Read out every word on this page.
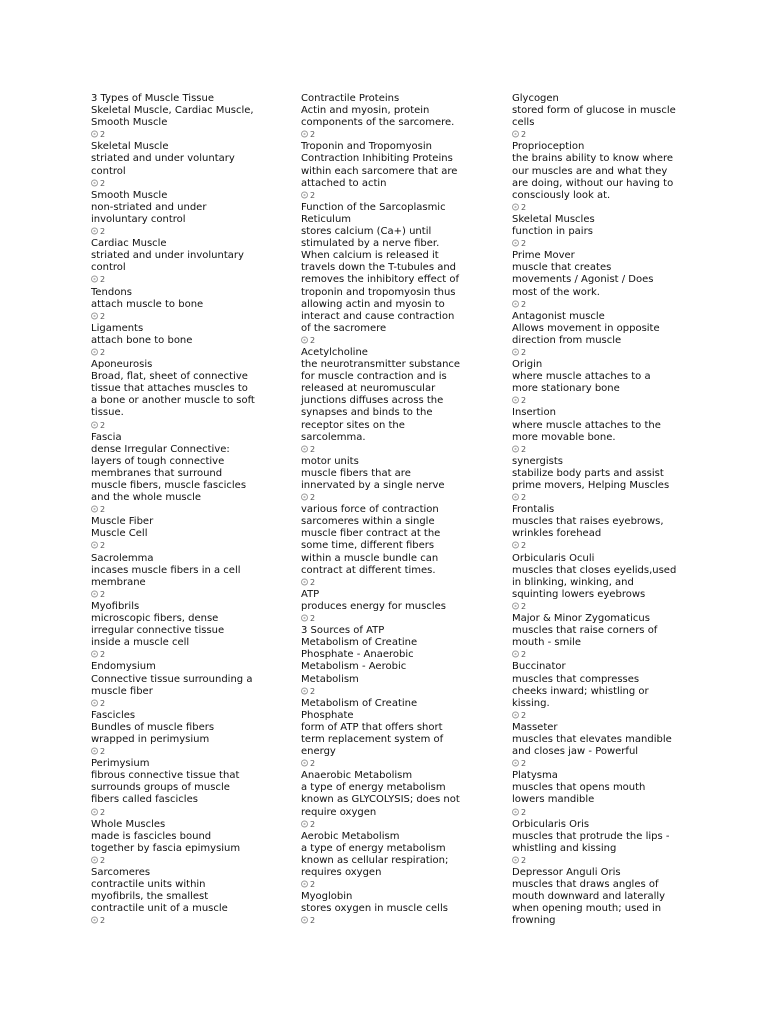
3 Types of Muscle Tissue

Skeletal Muscle, Cardiac Muscle,
Smooth Muscle

2

Skeletal Muscle

striated and under voluntary
control

2

Smooth Muscle

non-striated and under
involuntary control

2

Cardiac Muscle

striated and under involuntary
control

2

Tendons

attach muscle to bone

2

Ligaments

attach bone to bone

2

Aponeurosis

Broad, flat, sheet of connective
tissue that attaches muscles to
a bone or another muscle to soft
tissue.

2

Fascia

dense Irregular Connective:
layers of tough connective
membranes that surround
muscle fibers, muscle fascicles
and the whole muscle

2

Muscle Fiber

Muscle Cell

2

Sacrolemma

incases muscle fibers in a cell
membrane

2

Myofibrils

microscopic fibers, dense
irregular connective tissue
inside a muscle cell

2

Endomysium

Connective tissue surrounding a
muscle fiber

2

Fascicles

Bundles of muscle fibers
wrapped in perimysium

2

Perimysium

fibrous connective tissue that
surrounds groups of muscle
fibers called fascicles

2

Whole Muscles

made is fascicles bound
together by fascia epimysium

2

Sarcomeres

contractile units within
myofibrils, the smallest
contractile unit of a muscle

2

Contractile Proteins

Actin and myosin, protein
components of the sarcomere.

2

Troponin and Tropomyosin

Contraction Inhibiting Proteins
within each sarcomere that are
attached to actin

2

Function of the Sarcoplasmic
Reticulum

stores calcium (Ca+) until
stimulated by a nerve fiber.
When calcium is released it
travels down the T-tubules and
removes the inhibitory effect of
troponin and tropomyosin thus
allowing actin and myosin to
interact and cause contraction
of the sacromere

2

Acetylcholine

the neurotransmitter substance
for muscle contraction and is
released at neuromuscular
junctions diffuses across the
synapses and binds to the
receptor sites on the
sarcolemma.

2

motor units

muscle fibers that are
innervated by a single nerve

2

various force of contraction

sarcomeres within a single
muscle fiber contract at the
some time, different fibers
within a muscle bundle can
contract at different times.

2

ATP

produces energy for muscles

2

3 Sources of ATP

Metabolism of Creatine
Phosphate - Anaerobic
Metabolism - Aerobic
Metabolism

2

Metabolism of Creatine
Phosphate

form of ATP that offers short
term replacement system of
energy

2

Anaerobic Metabolism

a type of energy metabolism
known as GLYCOLYSIS; does not
require oxygen

2

Aerobic Metabolism

a type of energy metabolism
known as cellular respiration;
requires oxygen

2

Myoglobin

stores oxygen in muscle cells

2

Glycogen

stored form of glucose in muscle
cells

2

Proprioception

the brains ability to know where
our muscles are and what they
are doing, without our having to
consciously look at.

2

Skeletal Muscles

function in pairs

2

Prime Mover

muscle that creates
movements / Agonist / Does
most of the work.

2

Antagonist muscle

Allows movement in opposite
direction from muscle

2

Origin

where muscle attaches to a
more stationary bone

2

Insertion

where muscle attaches to the
more movable bone.

2

synergists

stabilize body parts and assist
prime movers, Helping Muscles

2

Frontalis

muscles that raises eyebrows,
wrinkles forehead

2

Orbicularis Oculi

muscles that closes eyelids,used
in blinking, winking, and
squinting lowers eyebrows

2

Major & Minor Zygomaticus

muscles that raise corners of
mouth - smile

2

Buccinator

muscles that compresses
cheeks inward; whistling or
kissing.

2

Masseter

muscles that elevates mandible
and closes jaw - Powerful

2

Platysma

muscles that opens mouth
lowers mandible

2

Orbicularis Oris

muscles that protrude the lips -
whistling and kissing

2

Depressor Anguli Oris

muscles that draws angles of
mouth downward and laterally
when opening mouth; used in
frowning
